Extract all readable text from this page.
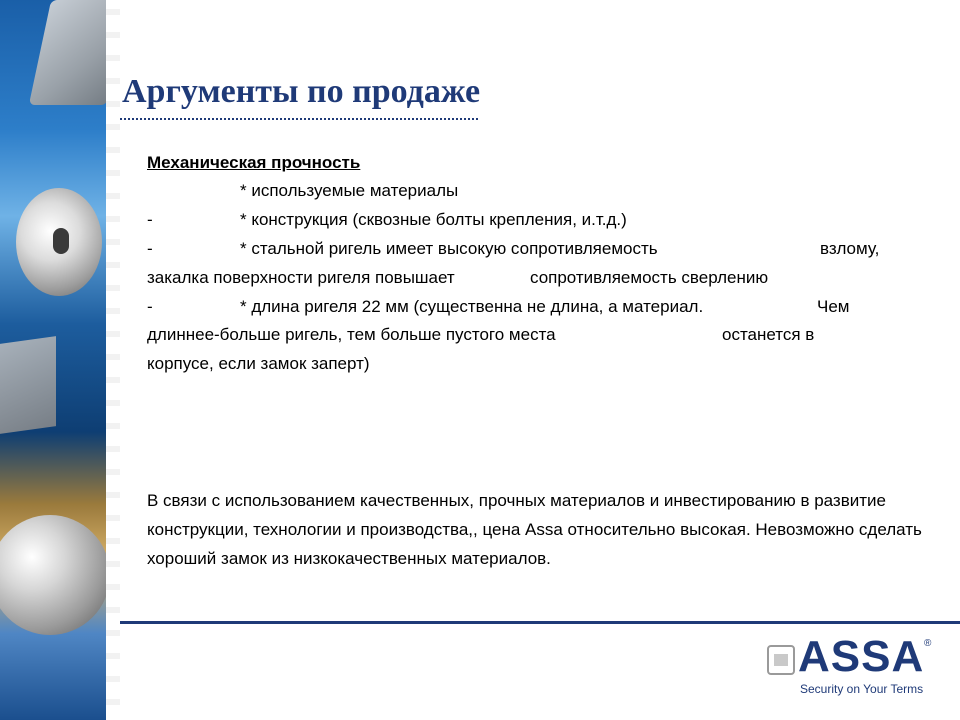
Аргументы по продаже
Механическая прочность
* используемые материалы
-	* конструкция (сквозные болты крепления, и.т.д.)
-	* стальной ригель имеет высокую сопротивляемость	взлому,
закалка поверхности ригеля повышает	сопротивляемость сверлению
-	* длина ригеля 22 мм (существенна не длина, а материал.	Чем
длиннее-больше ригель, тем больше пустого места	останется в
корпусе, если замок заперт)
В связи с использованием качественных, прочных материалов и инвестированию в развитие конструкции, технологии и производства,, цена Assa относительно высокая. Невозможно сделать хороший замок из низкокачественных материалов.
ASSA ®
Security on Your Terms
